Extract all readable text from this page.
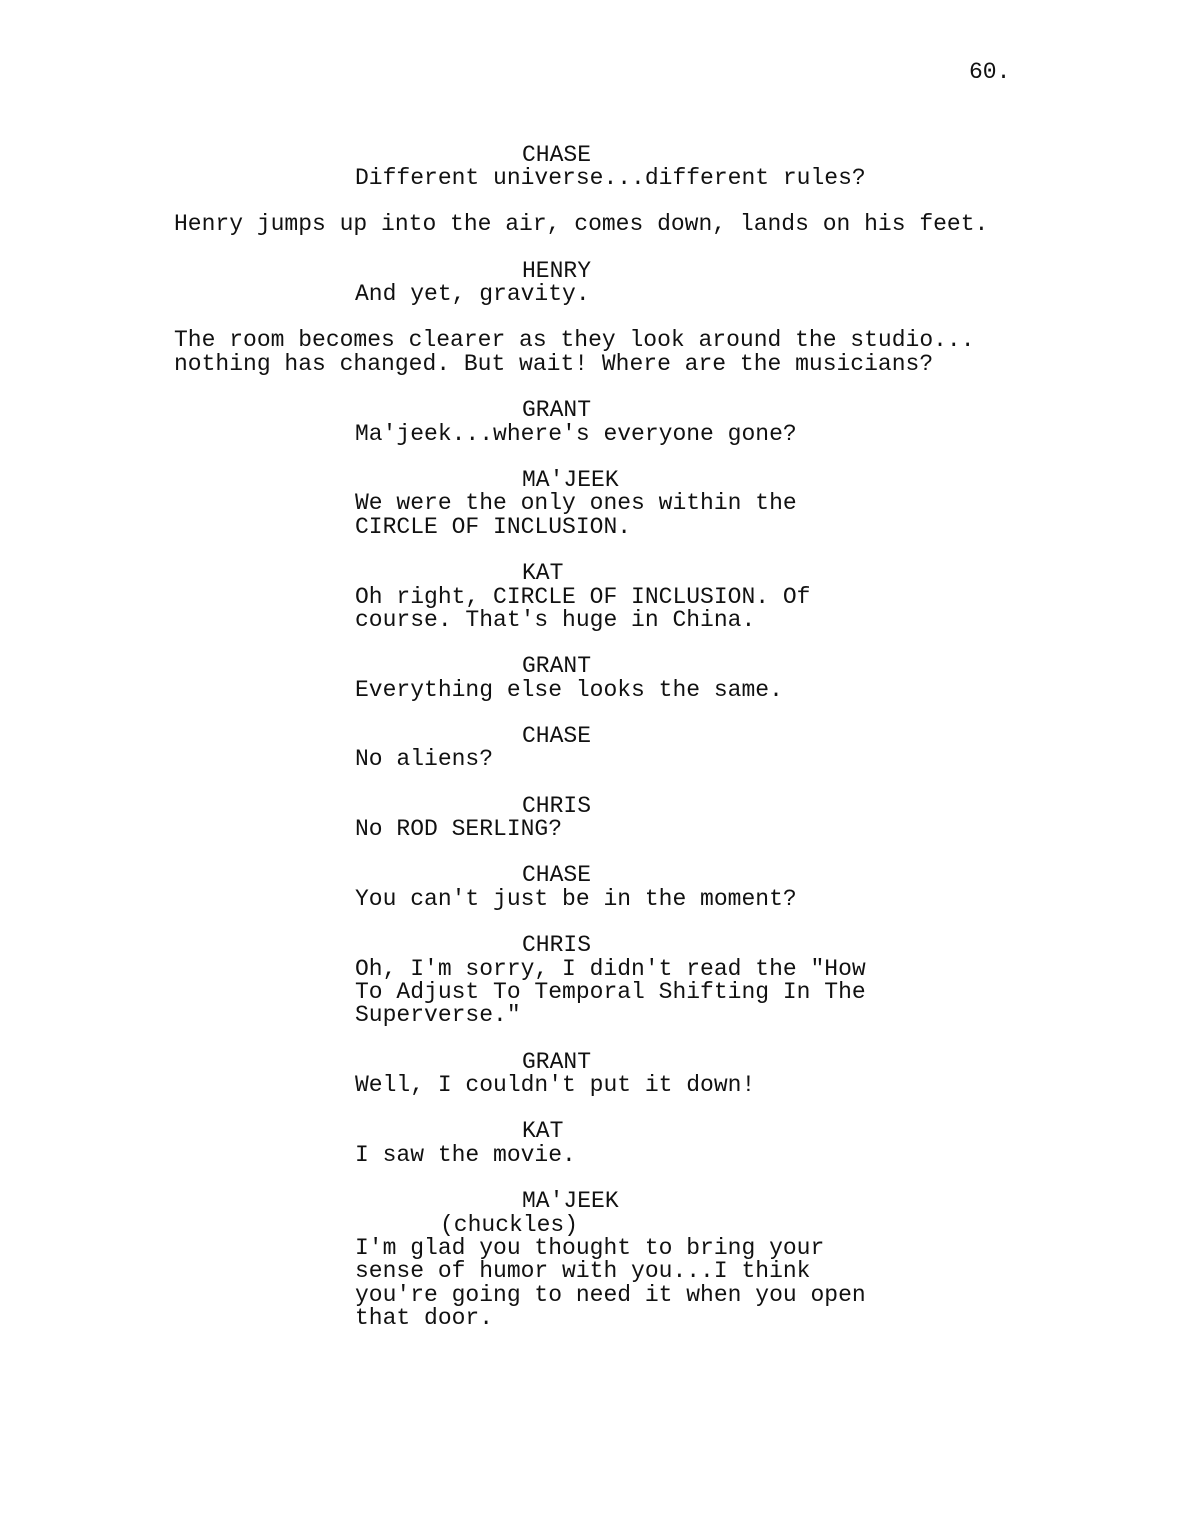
60.
CHASE
Different universe...different rules?
Henry jumps up into the air, comes down, lands on his feet.
HENRY
And yet, gravity.
The room becomes clearer as they look around the studio...
nothing has changed. But wait! Where are the musicians?
GRANT
Ma'jeek...where's everyone gone?
MA'JEEK
We were the only ones within the
CIRCLE OF INCLUSION.
KAT
Oh right, CIRCLE OF INCLUSION. Of
course. That's huge in China.
GRANT
Everything else looks the same.
CHASE
No aliens?
CHRIS
No ROD SERLING?
CHASE
You can't just be in the moment?
CHRIS
Oh, I'm sorry, I didn't read the "How
To Adjust To Temporal Shifting In The
Superverse."
GRANT
Well, I couldn't put it down!
KAT
I saw the movie.
MA'JEEK
(chuckles)
I'm glad you thought to bring your
sense of humor with you...I think
you're going to need it when you open
that door.
